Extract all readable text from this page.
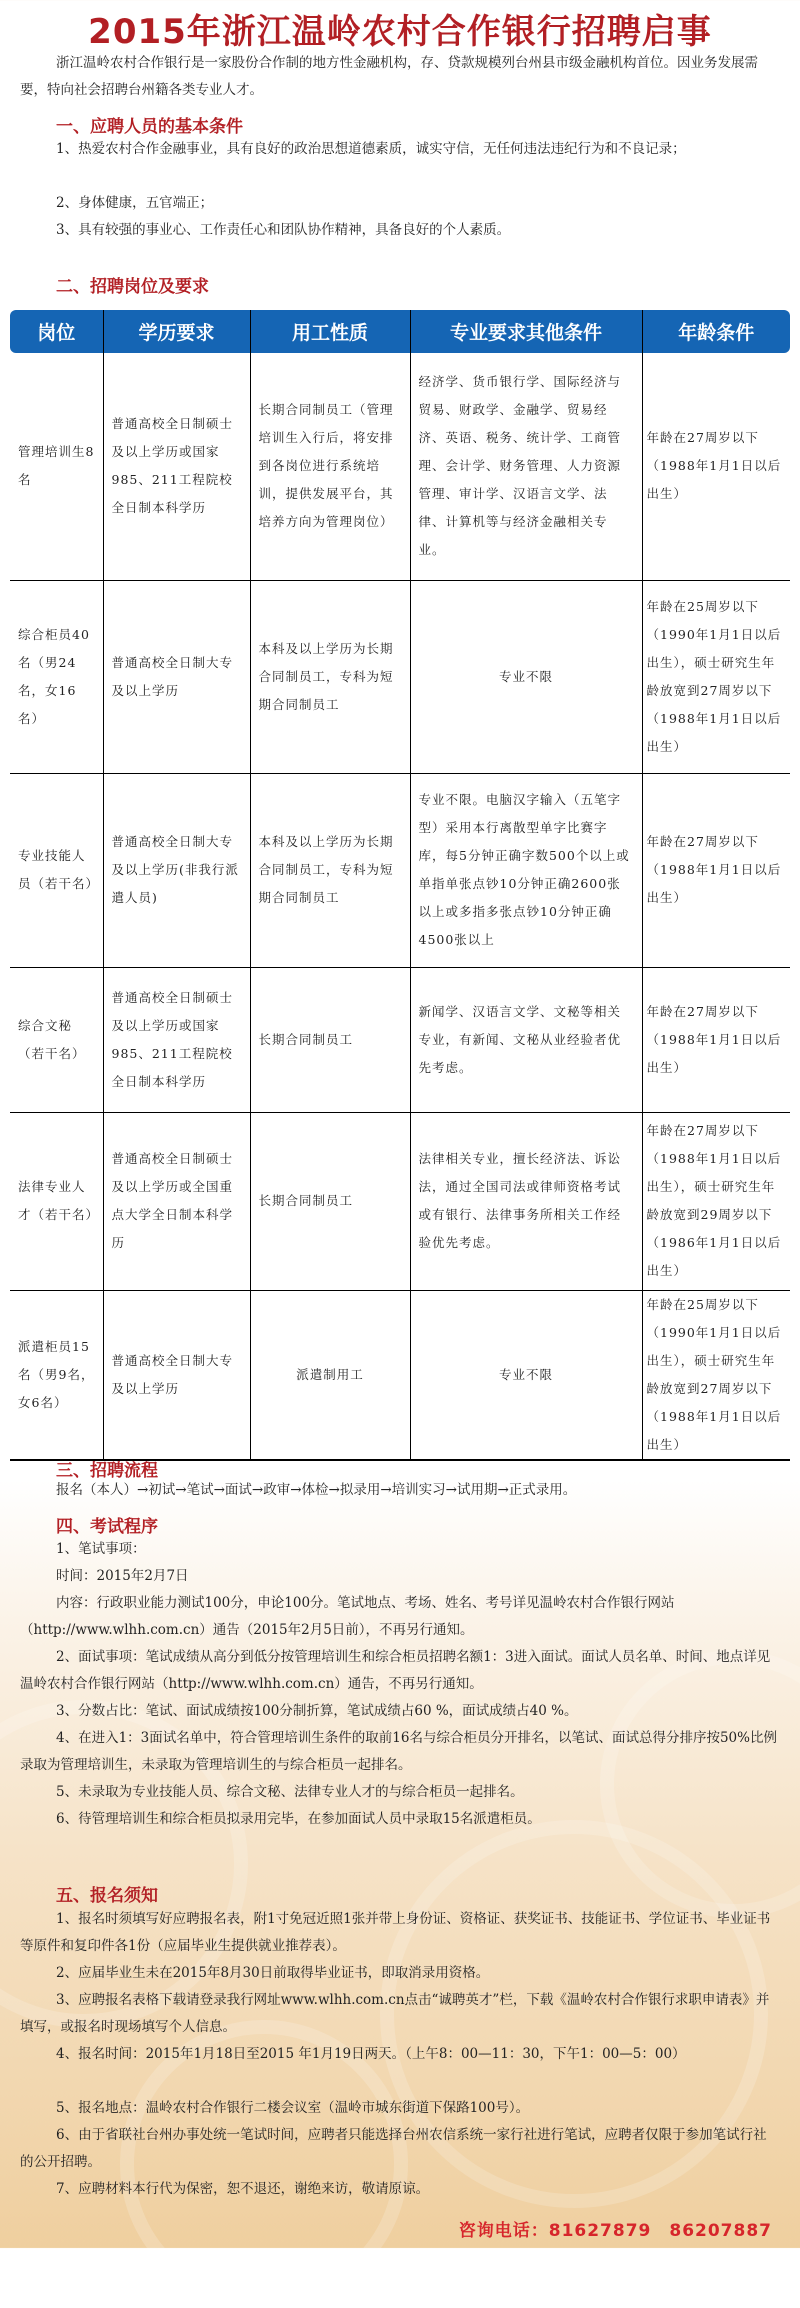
2015年浙江温岭农村合作银行招聘启事
浙江温岭农村合作银行是一家股份合作制的地方性金融机构，存、贷款规模列台州县市级金融机构首位。因业务发展需要，特向社会招聘台州籍各类专业人才。
一、应聘人员的基本条件
1、热爱农村合作金融事业，具有良好的政治思想道德素质，诚实守信，无任何违法违纪行为和不良记录；
2、身体健康，五官端正；
3、具有较强的事业心、工作责任心和团队协作精神，具备良好的个人素质。
二、招聘岗位及要求
岗位	学历要求	用工性质	专业要求其他条件	年龄条件
管理培训生8名	普通高校全日制硕士及以上学历或国家985、211工程院校全日制本科学历	长期合同制员工（管理培训生入行后，将安排到各岗位进行系统培训，提供发展平台，其培养方向为管理岗位）	经济学、货币银行学、国际经济与贸易、财政学、金融学、贸易经济、英语、税务、统计学、工商管理、会计学、财务管理、人力资源管理、审计学、汉语言文学、法律、计算机等与经济金融相关专业。	年龄在27周岁以下（1988年1月1日以后出生）
综合柜员40名（男24名，女16名）	普通高校全日制大专及以上学历	本科及以上学历为长期合同制员工，专科为短期合同制员工	专业不限	年龄在25周岁以下（1990年1月1日以后出生），硕士研究生年龄放宽到27周岁以下（1988年1月1日以后出生）
专业技能人员（若干名）	普通高校全日制大专及以上学历(非我行派遣人员)	本科及以上学历为长期合同制员工，专科为短期合同制员工	专业不限。电脑汉字输入（五笔字型）采用本行离散型单字比赛字库，每5分钟正确字数500个以上或单指单张点钞10分钟正确2600张以上或多指多张点钞10分钟正确4500张以上	年龄在27周岁以下（1988年1月1日以后出生）
综合文秘（若干名）	普通高校全日制硕士及以上学历或国家985、211工程院校全日制本科学历	长期合同制员工	新闻学、汉语言文学、文秘等相关专业，有新闻、文秘从业经验者优先考虑。	年龄在27周岁以下（1988年1月1日以后出生）
法律专业人才（若干名）	普通高校全日制硕士及以上学历或全国重点大学全日制本科学历	长期合同制员工	法律相关专业，擅长经济法、诉讼法，通过全国司法或律师资格考试或有银行、法律事务所相关工作经验优先考虑。	年龄在27周岁以下（1988年1月1日以后出生），硕士研究生年龄放宽到29周岁以下（1986年1月1日以后出生）
派遣柜员15名（男9名，女6名）	普通高校全日制大专及以上学历	派遣制用工	专业不限	年龄在25周岁以下（1990年1月1日以后出生），硕士研究生年龄放宽到27周岁以下（1988年1月1日以后出生）
三、招聘流程
报名（本人）→初试→笔试→面试→政审→体检→拟录用→培训实习→试用期→正式录用。
四、考试程序
1、笔试事项：
时间：2015年2月7日
内容：行政职业能力测试100分，申论100分。笔试地点、考场、姓名、考号详见温岭农村合作银行网站（http://www.wlhh.com.cn）通告（2015年2月5日前），不再另行通知。
2、面试事项：笔试成绩从高分到低分按管理培训生和综合柜员招聘名额1：3进入面试。面试人员名单、时间、地点详见温岭农村合作银行网站（http://www.wlhh.com.cn）通告，不再另行通知。
3、分数占比：笔试、面试成绩按100分制折算，笔试成绩占60 %，面试成绩占40 %。
4、在进入1：3面试名单中，符合管理培训生条件的取前16名与综合柜员分开排名，以笔试、面试总得分排序按50%比例录取为管理培训生，未录取为管理培训生的与综合柜员一起排名。
5、未录取为专业技能人员、综合文秘、法律专业人才的与综合柜员一起排名。
6、待管理培训生和综合柜员拟录用完毕，在参加面试人员中录取15名派遣柜员。
五、报名须知
1、报名时须填写好应聘报名表，附1寸免冠近照1张并带上身份证、资格证、获奖证书、技能证书、学位证书、毕业证书等原件和复印件各1份（应届毕业生提供就业推荐表）。
2、应届毕业生未在2015年8月30日前取得毕业证书，即取消录用资格。
3、应聘报名表格下载请登录我行网址www.wlhh.com.cn点击“诚聘英才”栏，下载《温岭农村合作银行求职申请表》并填写，或报名时现场填写个人信息。
4、报名时间：2015年1月18日至2015 年1月19日两天。（上午8：00—11：30，下午1：00—5：00）
5、报名地点：温岭农村合作银行二楼会议室（温岭市城东街道下保路100号）。
6、由于省联社台州办事处统一笔试时间，应聘者只能选择台州农信系统一家行社进行笔试，应聘者仅限于参加笔试行社的公开招聘。
7、应聘材料本行代为保密，恕不退还，谢绝来访，敬请原谅。
咨询电话：81627879　86207887
